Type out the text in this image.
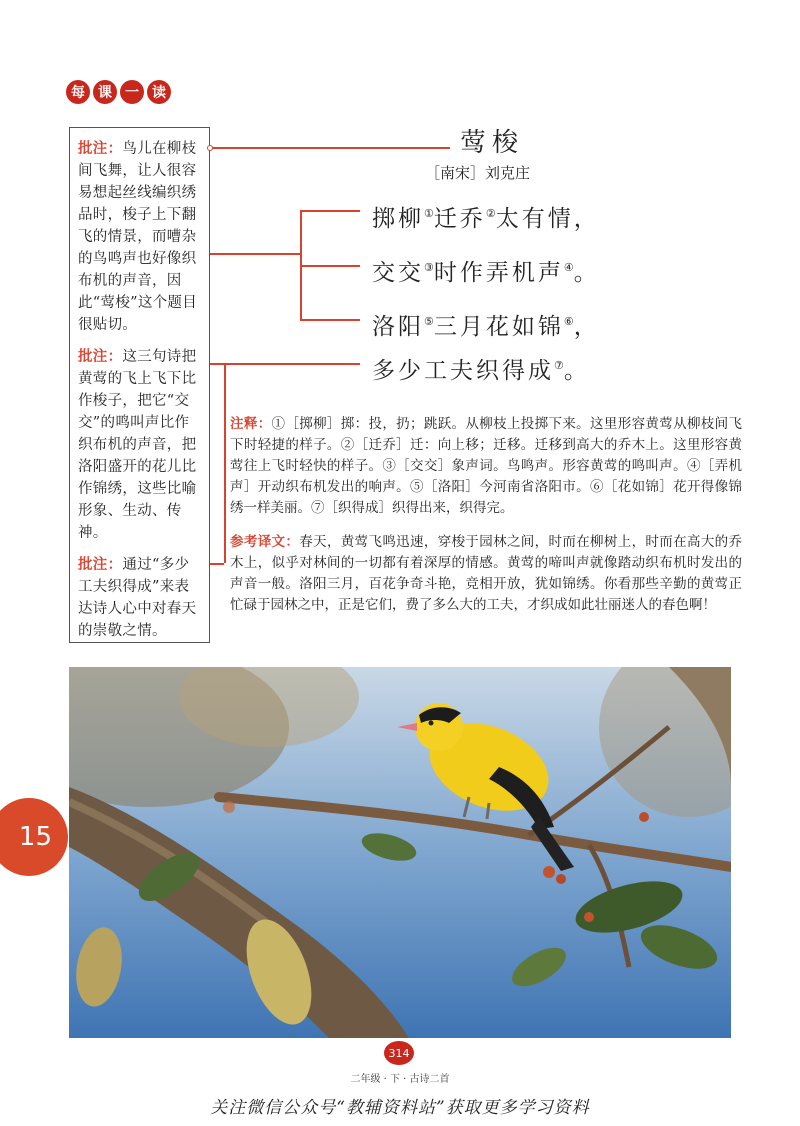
每 课 一 读

批注：鸟儿在柳枝间飞舞，让人很容易想起丝线编织绣品时，梭子上下翻飞的情景，而嘈杂的鸟鸣声也好像织布机的声音，因此“莺梭”这个题目很贴切。

批注：这三句诗把黄莺的飞上飞下比作梭子，把它“交交”的鸣叫声比作织布机的声音，把洛阳盛开的花儿比作锦绣，这些比喻形象、生动、传神。

批注：通过“多少工夫织得成”来表达诗人心中对春天的崇敬之情。

莺梭
［南宋］刘克庄
掷柳①迁乔②太有情，
交交③时作弄机声④。
洛阳⑤三月花如锦⑥，
多少工夫织得成⑦。

注释：①［掷柳］掷：投，扔；跳跃。从柳枝上投掷下来。这里形容黄莺从柳枝间飞下时轻捷的样子。②［迁乔］迁：向上移；迁移。迁移到高大的乔木上。这里形容黄莺往上飞时轻快的样子。③［交交］象声词。鸟鸣声。形容黄莺的鸣叫声。④［弄机声］开动织布机发出的响声。⑤［洛阳］今河南省洛阳市。⑥［花如锦］花开得像锦绣一样美丽。⑦［织得成］织得出来，织得完。

参考译文：春天，黄莺飞鸣迅速，穿梭于园林之间，时而在柳树上，时而在高大的乔木上，似乎对林间的一切都有着深厚的情感。黄莺的啼叫声就像踏动织布机时发出的声音一般。洛阳三月，百花争奇斗艳，竞相开放，犹如锦绣。你看那些辛勤的黄莺正忙碌于园林之中，正是它们，费了多么大的工夫，才织成如此壮丽迷人的春色啊！

15
314
二年级 · 下 · 古诗二首
关注微信公众号“教辅资料站”获取更多学习资料
